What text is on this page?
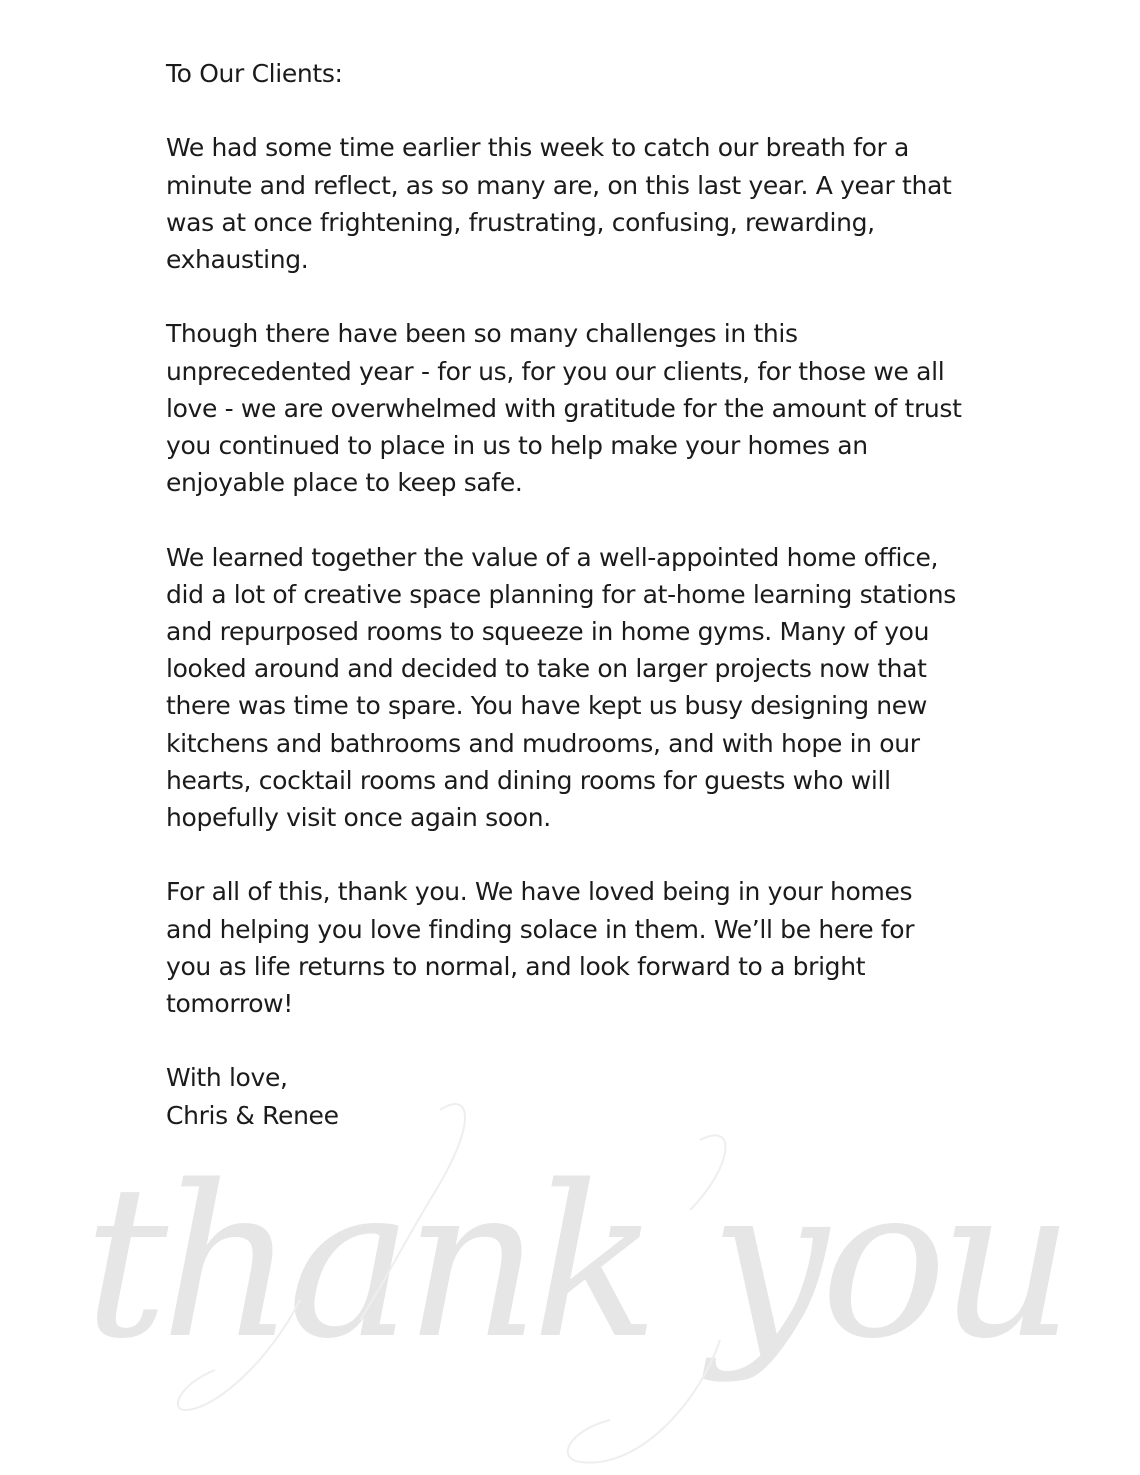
To Our Clients:

We had some time earlier this week to catch our breath for a
minute and reflect, as so many are, on this last year. A year that
was at once frightening, frustrating, confusing, rewarding,
exhausting.

Though there have been so many challenges in this
unprecedented year - for us, for you our clients, for those we all
love - we are overwhelmed with gratitude for the amount of trust
you continued to place in us to help make your homes an
enjoyable place to keep safe.

We learned together the value of a well-appointed home office,
did a lot of creative space planning for at-home learning stations
and repurposed rooms to squeeze in home gyms. Many of you
looked around and decided to take on larger projects now that
there was time to spare. You have kept us busy designing new
kitchens and bathrooms and mudrooms, and with hope in our
hearts, cocktail rooms and dining rooms for guests who will
hopefully visit once again soon.

For all of this, thank you. We have loved being in your homes
and helping you love finding solace in them. We’ll be here for
you as life returns to normal, and look forward to a bright
tomorrow!

With love,
Chris & Renee

thank you
